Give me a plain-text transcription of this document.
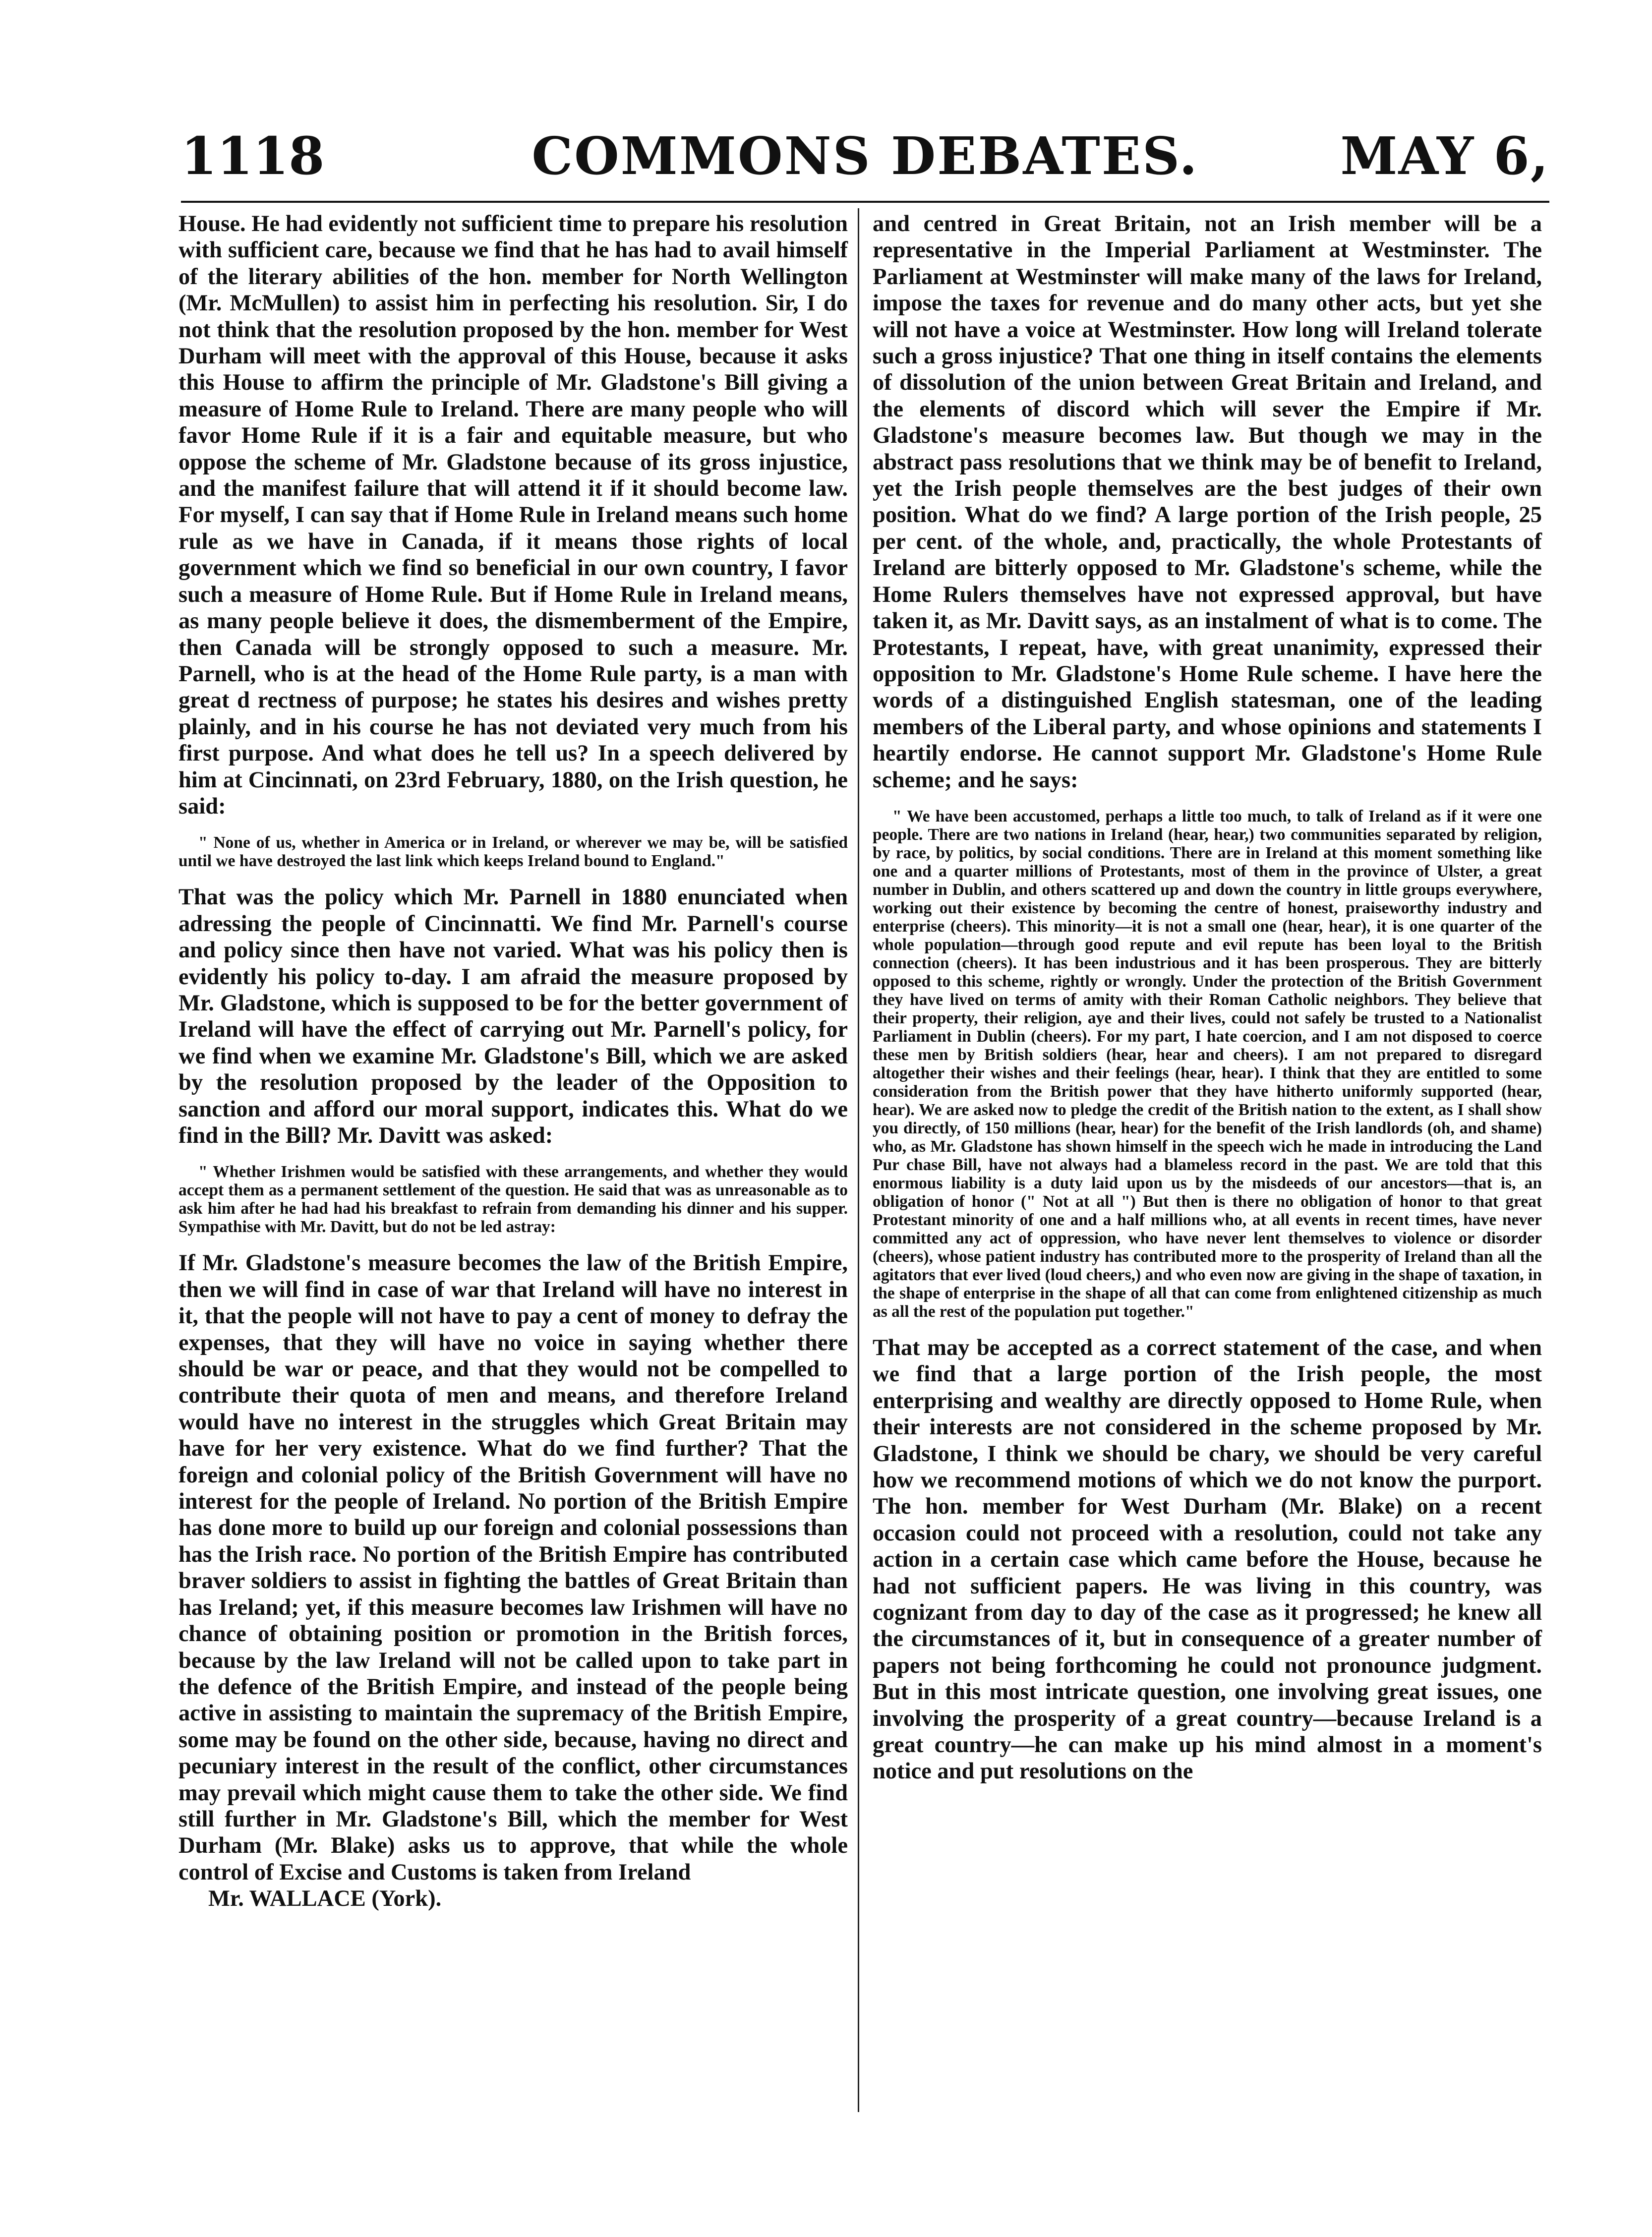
COMMONS DEBATES.
1118	MAY 6,

House. He had evidently not sufficient time to prepare his resolution with sufficient care, because we find that he has had to avail himself of the literary abilities of the hon. member for North Wellington (Mr. McMullen) to assist him in perfecting his resolution. Sir, I do not think that the resolution proposed by the hon. member for West Durham will meet with the approval of this House, because it asks this House to affirm the principle of Mr. Gladstone's Bill giving a measure of Home Rule to Ireland. There are many people who will favor Home Rule if it is a fair and equitable measure, but who oppose the scheme of Mr. Gladstone because of its gross injustice, and the manifest failure that will attend it if it should become law. For myself, I can say that if Home Rule in Ireland means such home rule as we have in Canada, if it means those rights of local government which we find so beneficial in our own country, I favor such a measure of Home Rule. But if Home Rule in Ireland means, as many people believe it does, the dismemberment of the Empire, then Canada will be strongly opposed to such a measure. Mr. Parnell, who is at the head of the Home Rule party, is a man with great d rectness of purpose; he states his desires and wishes pretty plainly, and in his course he has not deviated very much from his first purpose. And what does he tell us? In a speech delivered by him at Cincinnati, on 23rd February, 1880, on the Irish question, he said:

" None of us, whether in America or in Ireland, or wherever we may be, will be satisfied until we have destroyed the last link which keeps Ireland bound to England."

That was the policy which Mr. Parnell in 1880 enunciated when adressing the people of Cincinnatti. We find Mr. Parnell's course and policy since then have not varied. What was his policy then is evidently his policy to-day. I am afraid the measure proposed by Mr. Gladstone, which is supposed to be for the better government of Ireland will have the effect of carrying out Mr. Parnell's policy, for we find when we examine Mr. Gladstone's Bill, which we are asked by the resolution proposed by the leader of the Opposition to sanction and afford our moral support, indicates this. What do we find in the Bill? Mr. Davitt was asked:

" Whether Irishmen would be satisfied with these arrangements, and whether they would accept them as a permanent settlement of the question. He said that was as unreasonable as to ask him after he had had his breakfast to refrain from demanding his dinner and his supper. Sympathise with Mr. Davitt, but do not be led astray:

If Mr. Gladstone's measure becomes the law of the British Empire, then we will find in case of war that Ireland will have no interest in it, that the people will not have to pay a cent of money to defray the expenses, that they will have no voice in saying whether there should be war or peace, and that they would not be compelled to contribute their quota of men and means, and therefore Ireland would have no interest in the struggles which Great Britain may have for her very existence. What do we find further? That the foreign and colonial policy of the British Government will have no interest for the people of Ireland. No portion of the British Empire has done more to build up our foreign and colonial possessions than has the Irish race. No portion of the British Empire has contributed braver soldiers to assist in fighting the battles of Great Britain than has Ireland; yet, if this measure becomes law Irishmen will have no chance of obtaining position or promotion in the British forces, because by the law Ireland will not be called upon to take part in the defence of the British Empire, and instead of the people being active in assisting to maintain the supremacy of the British Empire, some may be found on the other side, because, having no direct and pecuniary interest in the result of the conflict, other circumstances may prevail which might cause them to take the other side. We find still further in Mr. Gladstone's Bill, which the member for West Durham (Mr. Blake) asks us to approve, that while the whole control of Excise and Customs is taken from Ireland

Mr. WALLACE (York).

and centred in Great Britain, not an Irish member will be a representative in the Imperial Parliament at Westminster. The Parliament at Westminster will make many of the laws for Ireland, impose the taxes for revenue and do many other acts, but yet she will not have a voice at Westminster. How long will Ireland tolerate such a gross injustice? That one thing in itself contains the elements of dissolution of the union between Great Britain and Ireland, and the elements of discord which will sever the Empire if Mr. Gladstone's measure becomes law. But though we may in the abstract pass resolutions that we think may be of benefit to Ireland, yet the Irish people themselves are the best judges of their own position. What do we find? A large portion of the Irish people, 25 per cent. of the whole, and, practically, the whole Protestants of Ireland are bitterly opposed to Mr. Gladstone's scheme, while the Home Rulers themselves have not expressed approval, but have taken it, as Mr. Davitt says, as an instalment of what is to come. The Protestants, I repeat, have, with great unanimity, expressed their opposition to Mr. Gladstone's Home Rule scheme. I have here the words of a distinguished English statesman, one of the leading members of the Liberal party, and whose opinions and statements I heartily endorse. He cannot support Mr. Gladstone's Home Rule scheme; and he says:

" We have been accustomed, perhaps a little too much, to talk of Ireland as if it were one people. There are two nations in Ireland (hear, hear,) two communities separated by religion, by race, by politics, by social conditions. There are in Ireland at this moment something like one and a quarter millions of Protestants, most of them in the province of Ulster, a great number in Dublin, and others scattered up and down the country in little groups everywhere, working out their existence by becoming the centre of honest, praiseworthy industry and enterprise (cheers). This minority—it is not a small one (hear, hear), it is one quarter of the whole population—through good repute and evil repute has been loyal to the British connection (cheers). It has been industrious and it has been prosperous. They are bitterly opposed to this scheme, rightly or wrongly. Under the protection of the British Government they have lived on terms of amity with their Roman Catholic neighbors. They believe that their property, their religion, aye and their lives, could not safely be trusted to a Nationalist Parliament in Dublin (cheers). For my part, I hate coercion, and I am not disposed to coerce these men by British soldiers (hear, hear and cheers). I am not prepared to disregard altogether their wishes and their feelings (hear, hear). I think that they are entitled to some consideration from the British power that they have hitherto uniformly supported (hear, hear). We are asked now to pledge the credit of the British nation to the extent, as I shall show you directly, of 150 millions (hear, hear) for the benefit of the Irish landlords (oh, and shame) who, as Mr. Gladstone has shown himself in the speech wich he made in introducing the Land Pur chase Bill, have not always had a blameless record in the past. We are told that this enormous liability is a duty laid upon us by the misdeeds of our ancestors—that is, an obligation of honor (" Not at all ") But then is there no obligation of honor to that great Protestant minority of one and a half millions who, at all events in recent times, have never committed any act of oppression, who have never lent themselves to violence or disorder (cheers), whose patient industry has contributed more to the prosperity of Ireland than all the agitators that ever lived (loud cheers,) and who even now are giving in the shape of taxation, in the shape of enterprise in the shape of all that can come from enlightened citizenship as much as all the rest of the population put together."

That may be accepted as a correct statement of the case, and when we find that a large portion of the Irish people, the most enterprising and wealthy are directly opposed to Home Rule, when their interests are not considered in the scheme proposed by Mr. Gladstone, I think we should be chary, we should be very careful how we recommend motions of which we do not know the purport. The hon. member for West Durham (Mr. Blake) on a recent occasion could not proceed with a resolution, could not take any action in a certain case which came before the House, because he had not sufficient papers. He was living in this country, was cognizant from day to day of the case as it progressed; he knew all the circumstances of it, but in consequence of a greater number of papers not being forthcoming he could not pronounce judgment. But in this most intricate question, one involving great issues, one involving the prosperity of a great country—because Ireland is a great country—he can make up his mind almost in a moment's notice and put resolutions on the
